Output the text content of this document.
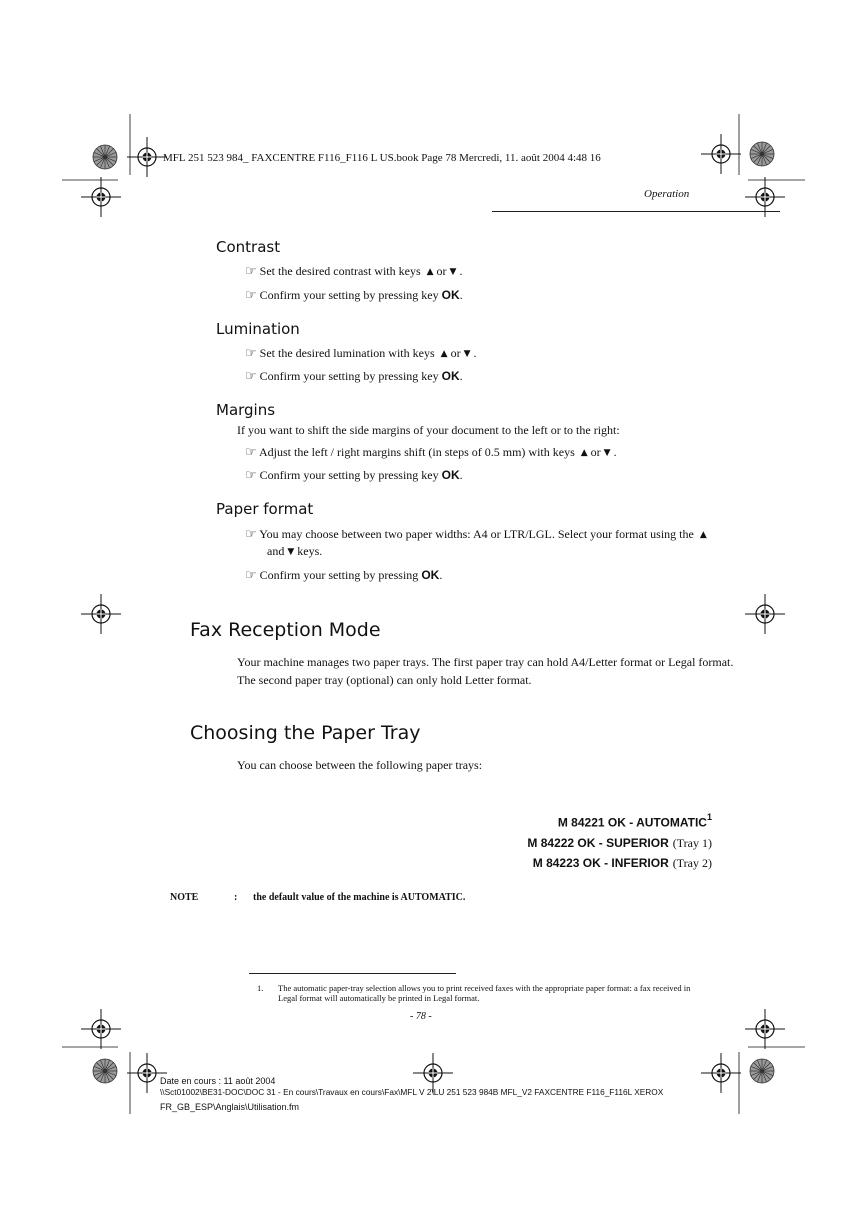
MFL 251 523 984_ FAXCENTRE F116_F116 L US.book Page 78 Mercredi, 11. août 2004 4:48 16
Operation
Contrast
☞ Set the desired contrast with keys ▲ or ▼ .
☞ Confirm your setting by pressing key OK.
Lumination
☞ Set the desired lumination with keys ▲ or ▼ .
☞ Confirm your setting by pressing key OK.
Margins
If you want to shift the side margins of your document to the left or to the right:
☞ Adjust the left / right margins shift (in steps of 0.5 mm) with keys ▲ or ▼ .
☞ Confirm your setting by pressing key OK.
Paper format
☞ You may choose between two paper widths: A4 or LTR/LGL. Select your format using the ▲
and ▼ keys.
☞ Confirm your setting by pressing OK.
Fax Reception Mode
Your machine manages two paper trays. The first paper tray can hold A4/Letter format or Legal format.
The second paper tray (optional) can only hold Letter format.
Choosing the Paper Tray
You can choose between the following paper trays:
M 84221 OK - AUTOMATIC$^1$
M 84222 OK - SUPERIOR (Tray 1)
M 84223 OK - INFERIOR (Tray 2)
NOTE	: the default value of the machine is AUTOMATIC.
1. The automatic paper-tray selection allows you to print received faxes with the appropriate paper format: a fax received in
Legal format will automatically be printed in Legal format.
- 78 -
Date en cours : 11 août 2004
\\Sct01002\BE31-DOC\DOC 31 - En cours\Travaux en cours\Fax\MFL V 2\LU 251 523 984B MFL_V2 FAXCENTRE F116_F116L XEROX
FR_GB_ESP\Anglais\Utilisation.fm
